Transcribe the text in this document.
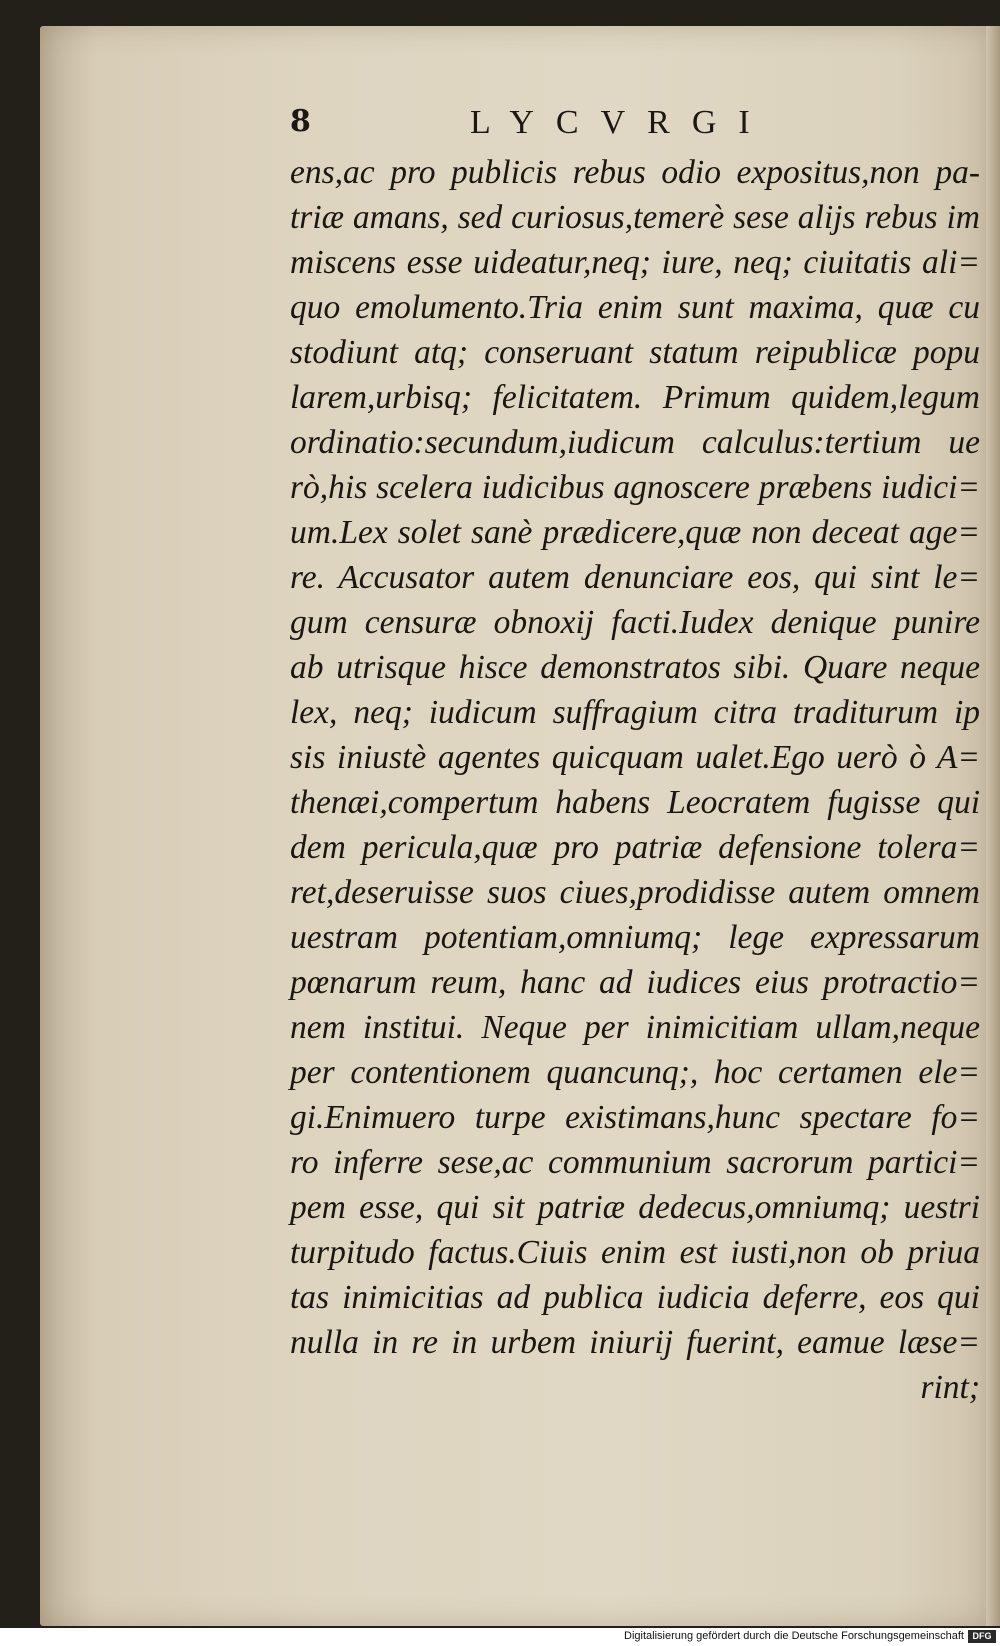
8	LYCVRGI
ens,ac pro publicis rebus odio expositus,non pa-
triæ amans, sed curiosus,temerè sese alijs rebus im
miscens esse uideatur,neq; iure, neq; ciuitatis ali=
quo emolumento.Tria enim sunt maxima, quæ cu
stodiunt atq; conseruant statum reipublicæ popu
larem,urbisq; felicitatem. Primum quidem,legum
ordinatio:secundum,iudicum calculus:tertium ue
rò,his scelera iudicibus agnoscere præbens iudici=
um.Lex solet sanè prædicere,quæ non deceat age=
re. Accusator autem denunciare eos, qui sint le=
gum censuræ obnoxij facti.Iudex denique punire
ab utrisque hisce demonstratos sibi. Quare neque
lex, neq; iudicum suffragium citra traditurum ip
sis iniustè agentes quicquam ualet.Ego uerò ò A=
thenæi,compertum habens Leocratem fugisse qui
dem pericula,quæ pro patriæ defensione tolera=
ret,deseruisse suos ciues,prodidisse autem omnem
uestram potentiam,omniumq; lege expressarum
pœnarum reum, hanc ad iudices eius protractio=
nem institui. Neque per inimicitiam ullam,neque
per contentionem quancunq;, hoc certamen ele=
gi.Enimuero turpe existimans,hunc spectare fo=
ro inferre sese,ac communium sacrorum partici=
pem esse, qui sit patriæ dedecus,omniumq; uestri
turpitudo factus.Ciuis enim est iusti,non ob priua
tas inimicitias ad publica iudicia deferre, eos qui
nulla in re in urbem iniurij fuerint, eamue læse=
rint;
Digitalisierung gefördert durch die Deutsche Forschungsgemeinschaft DFG
